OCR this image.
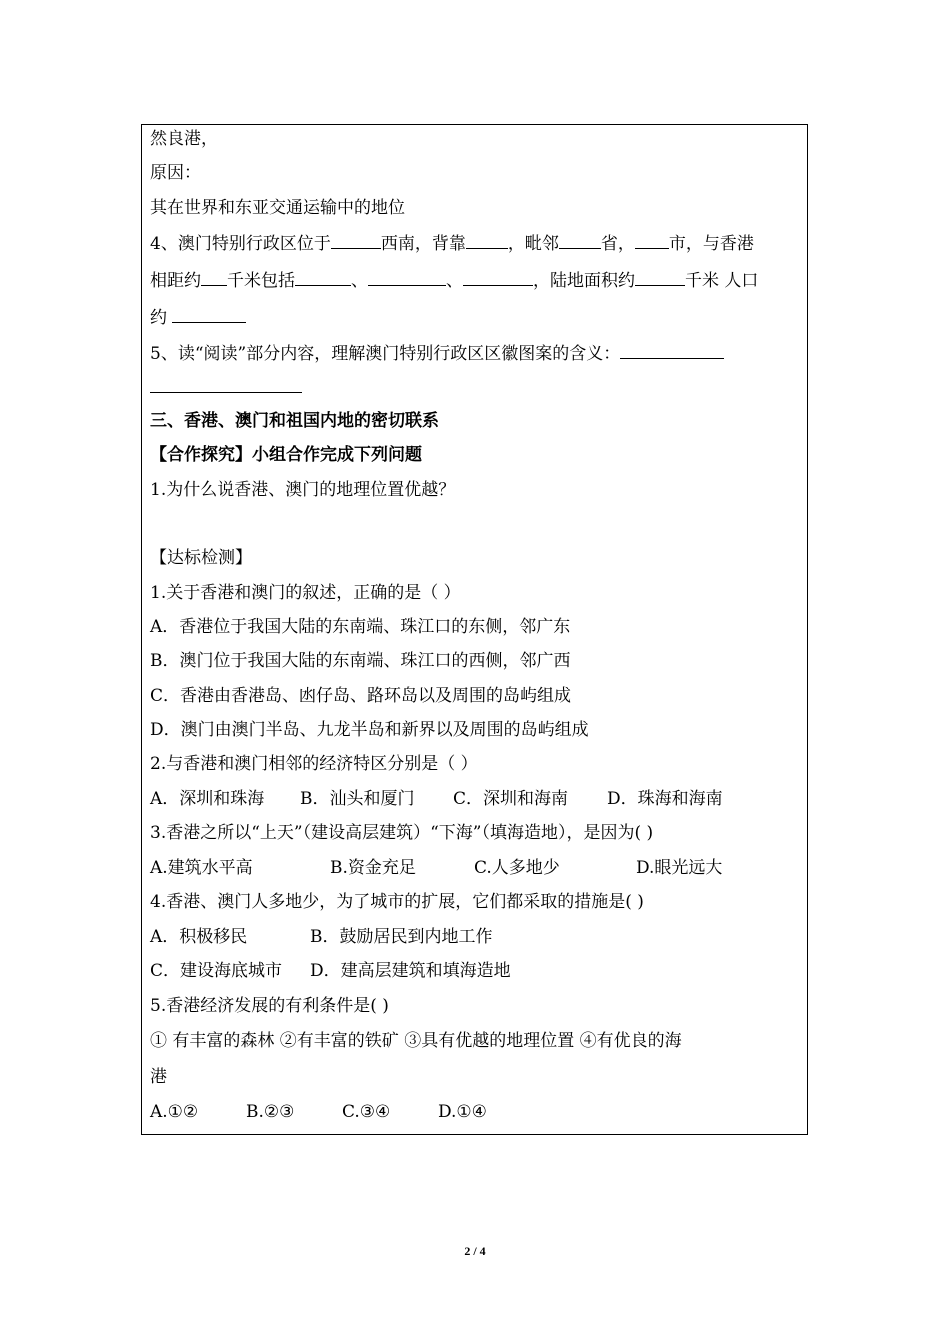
然良港，
原因：
其在世界和东亚交通运输中的地位
4、澳门特别行政区位于	西南，背靠 ，毗邻 省， 市，与香港
相距约 千米包括	、	、	，陆地面积约	千米 人口
约
5、读“阅读”部分内容，理解澳门特别行政区区徽图案的含义：
三、香港、澳门和祖国内地的密切联系
【合作探究】小组合作完成下列问题
1.为什么说香港、澳门的地理位置优越？
【达标检测】
1.关于香港和澳门的叙述，正确的是（ ）
A．香港位于我国大陆的东南端、珠江口的东侧，邻广东
B．澳门位于我国大陆的东南端、珠江口的西侧，邻广西
C．香港由香港岛、凼仔岛、路环岛以及周围的岛屿组成
D．澳门由澳门半岛、九龙半岛和新界以及周围的岛屿组成
2.与香港和澳门相邻的经济特区分别是（ ）
A．深圳和珠海 B．汕头和厦门 C．深圳和海南 D．珠海和海南
3.香港之所以“上天”（建设高层建筑）“下海”（填海造地），是因为( )
A.建筑水平高	B.资金充足	C.人多地少	D.眼光远大
4.香港、澳门人多地少，为了城市的扩展，它们都采取的措施是( )
A．积极移民	B．鼓励居民到内地工作
C．建设海底城市 D．建高层建筑和填海造地
5.香港经济发展的有利条件是( )
① 有丰富的森林 ②有丰富的铁矿 ③具有优越的地理位置 ④有优良的海
港
A.①②	B.②③	C.③④	D.①④
2 / 4
